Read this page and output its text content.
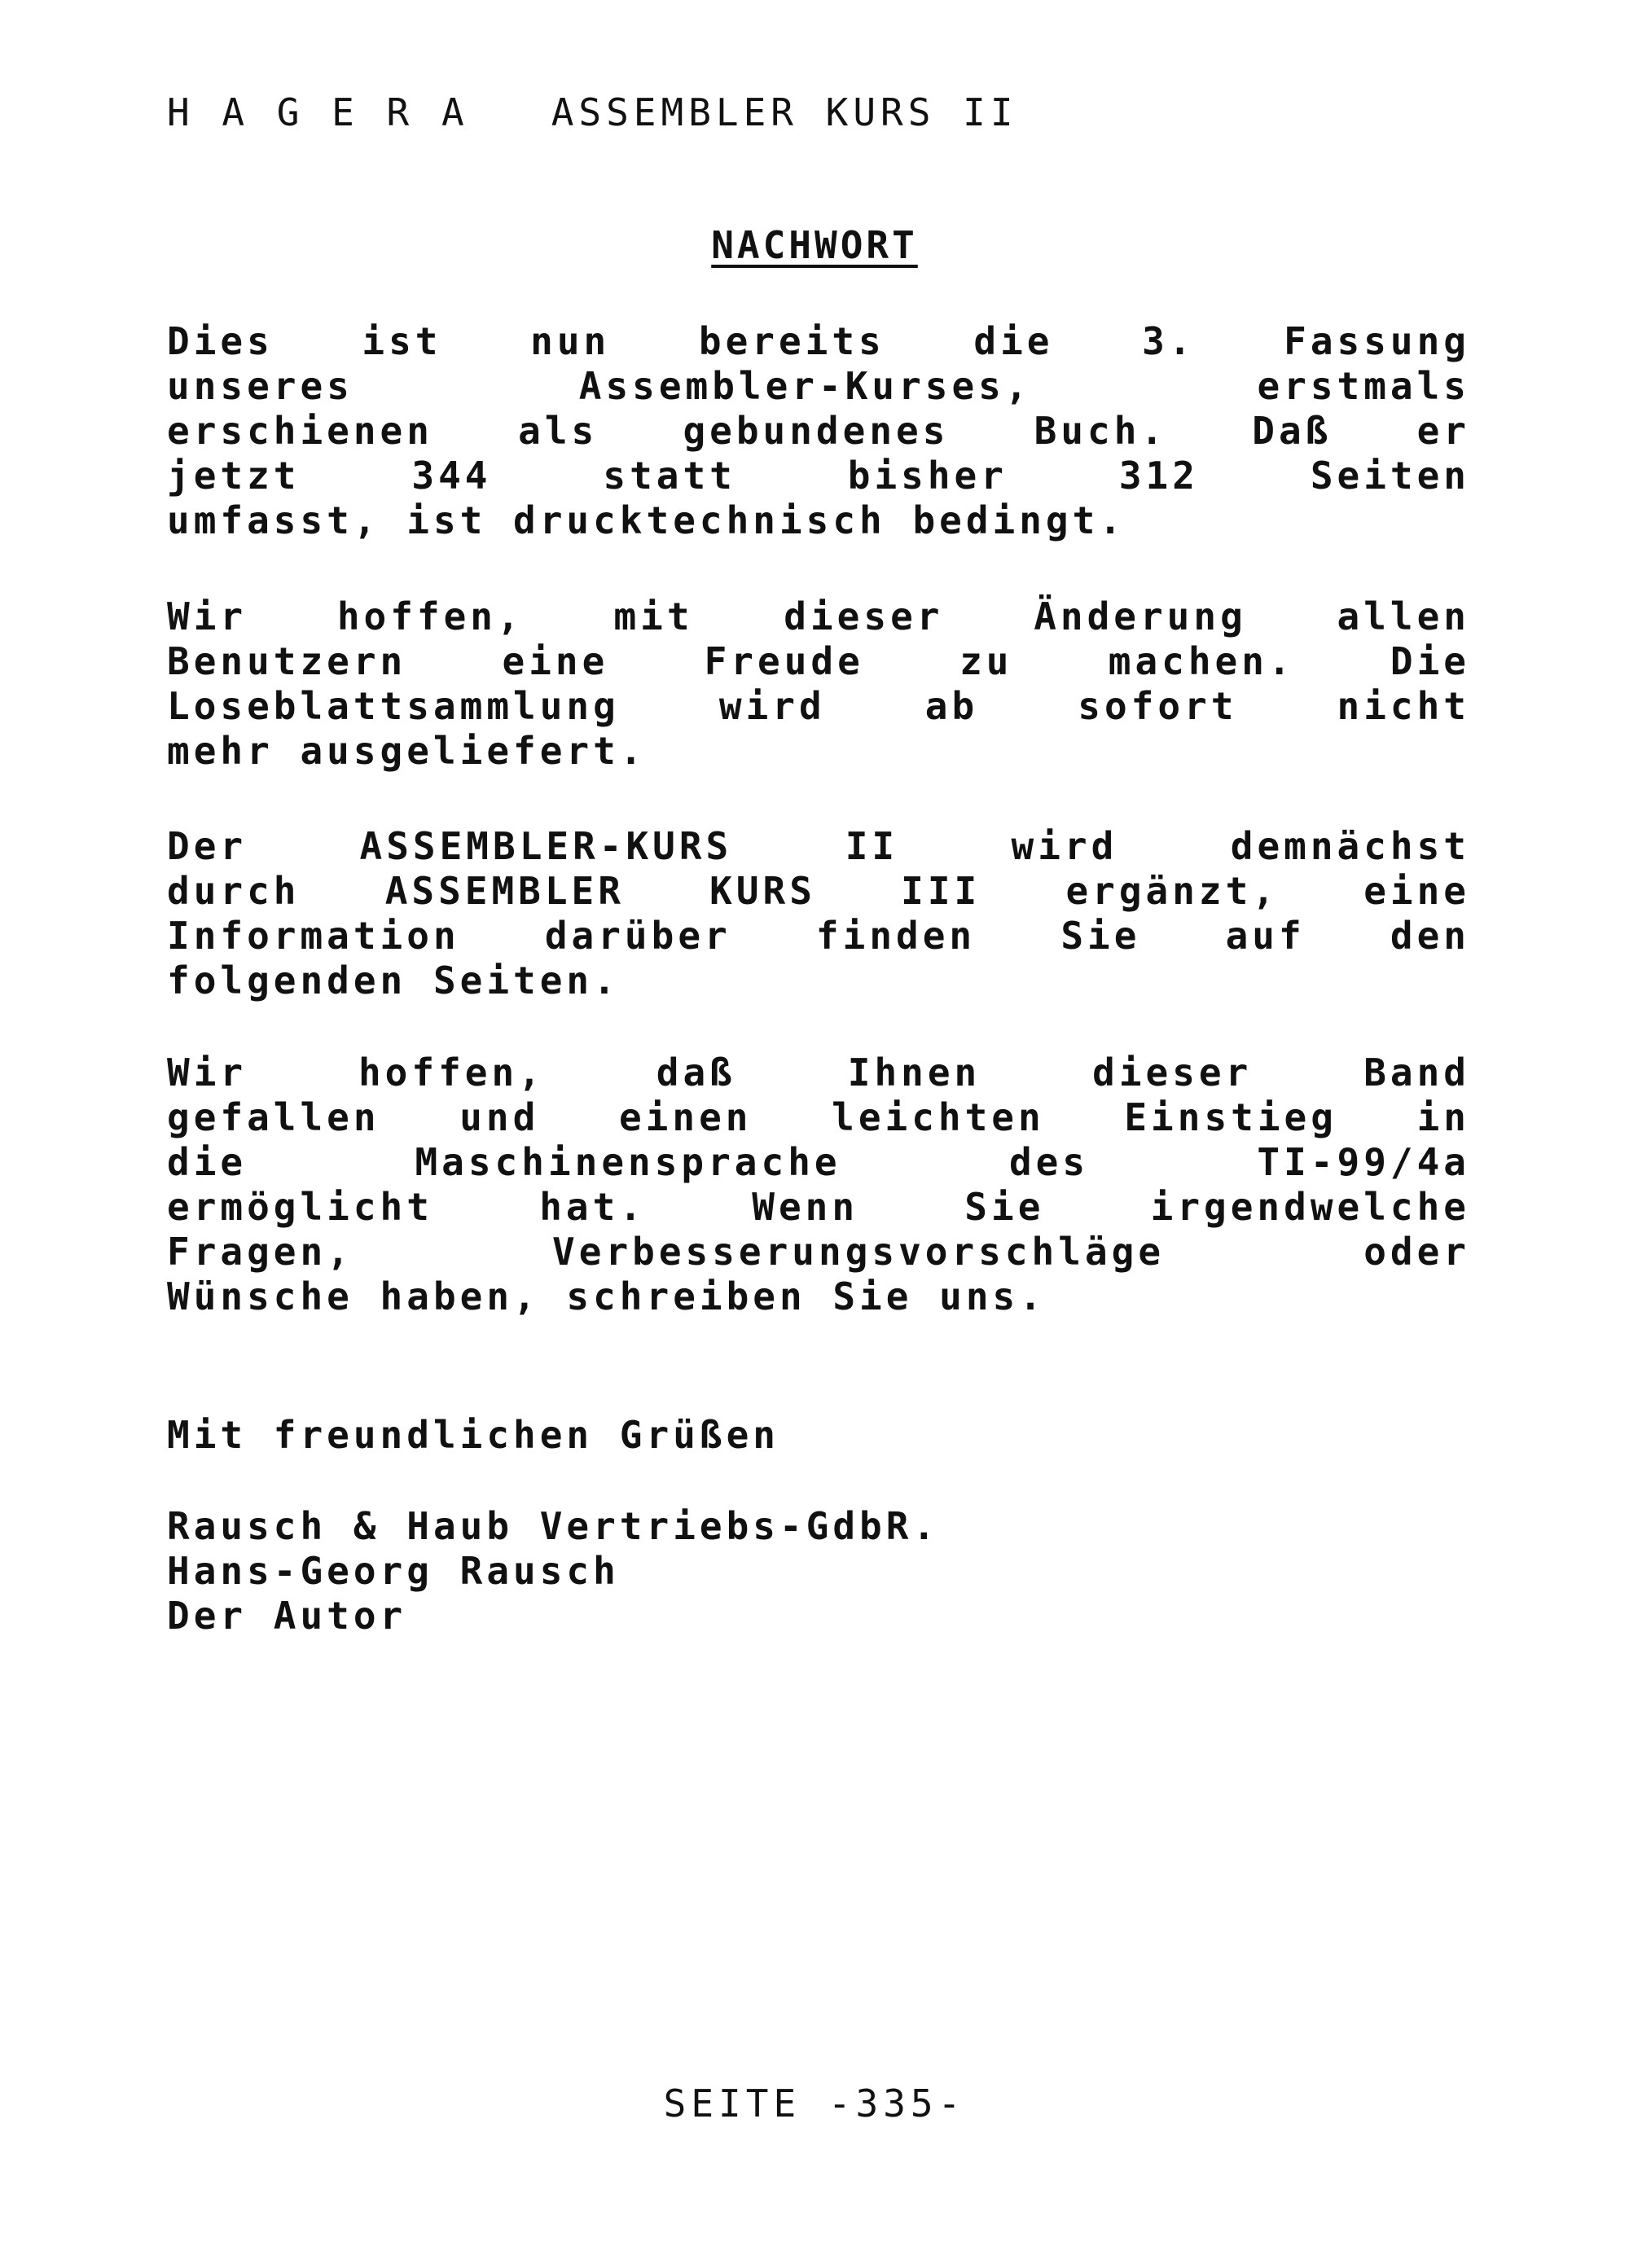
H A G E R A   ASSEMBLER KURS II
NACHWORT
Dies ist nun bereits die 3. Fassung
unseres Assembler-Kurses, erstmals
erschienen als gebundenes Buch. Daß er
jetzt 344 statt bisher 312 Seiten
umfasst, ist drucktechnisch bedingt.
Wir hoffen, mit dieser Änderung allen
Benutzern eine Freude zu machen. Die
Loseblattsammlung wird ab sofort nicht
mehr ausgeliefert.
Der ASSEMBLER-KURS II wird demnächst
durch ASSEMBLER KURS III ergänzt, eine
Information darüber finden Sie auf den
folgenden Seiten.
Wir hoffen, daß Ihnen dieser Band
gefallen und einen leichten Einstieg in
die Maschinensprache des TI-99/4a
ermöglicht hat. Wenn Sie irgendwelche
Fragen, Verbesserungsvorschläge oder
Wünsche haben, schreiben Sie uns.
Mit freundlichen Grüßen
Rausch & Haub Vertriebs-GdbR.
Hans-Georg Rausch
Der Autor
SEITE -335-
